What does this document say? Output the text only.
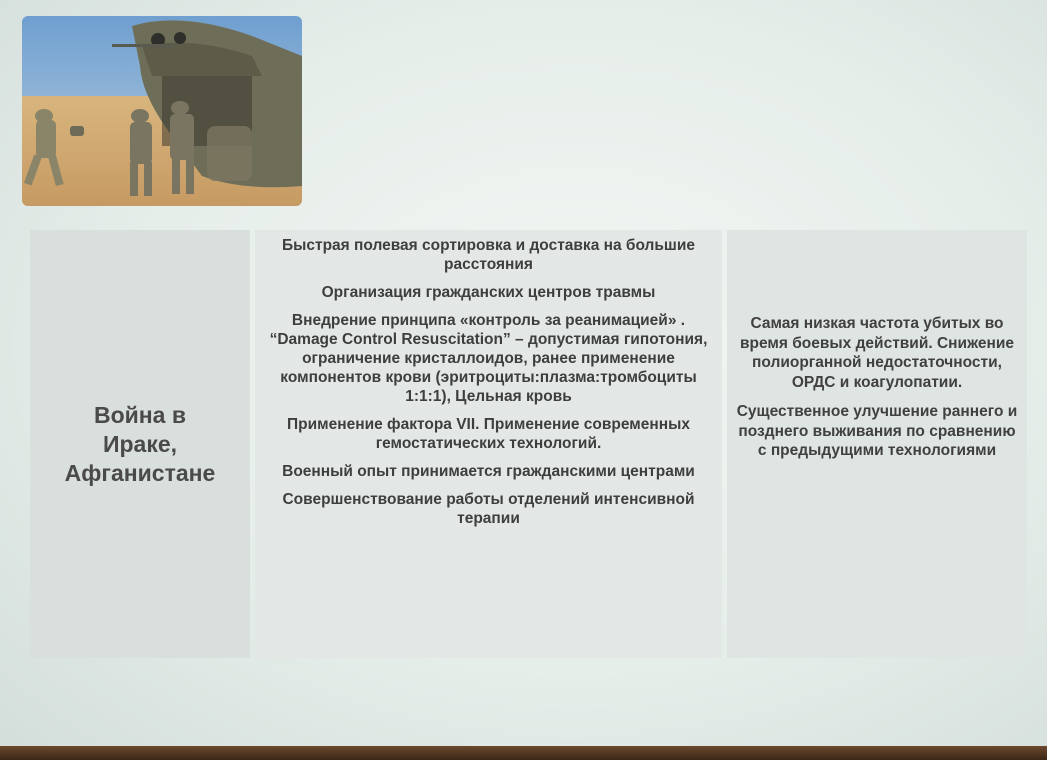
Война в
Ираке,
Афганистане
Быстрая полевая сортировка и доставка на большие расстояния
Организация гражданских центров травмы
Внедрение принципа «контроль за реанимацией» . “Damage Control Resuscitation” – допустимая гипотония, ограничение кристаллоидов, ранее применение компонентов крови (эритроциты:плазма:тромбоциты 1:1:1), Цельная кровь
Применение фактора VII. Применение современных гемостатических технологий.
Военный опыт принимается гражданскими центрами
Совершенствование работы отделений интенсивной терапии
Самая низкая частота убитых во время боевых действий. Снижение полиорганной недостаточности, ОРДС и коагулопатии.
Существенное улучшение раннего и позднего выживания по сравнению с предыдущими технологиями
